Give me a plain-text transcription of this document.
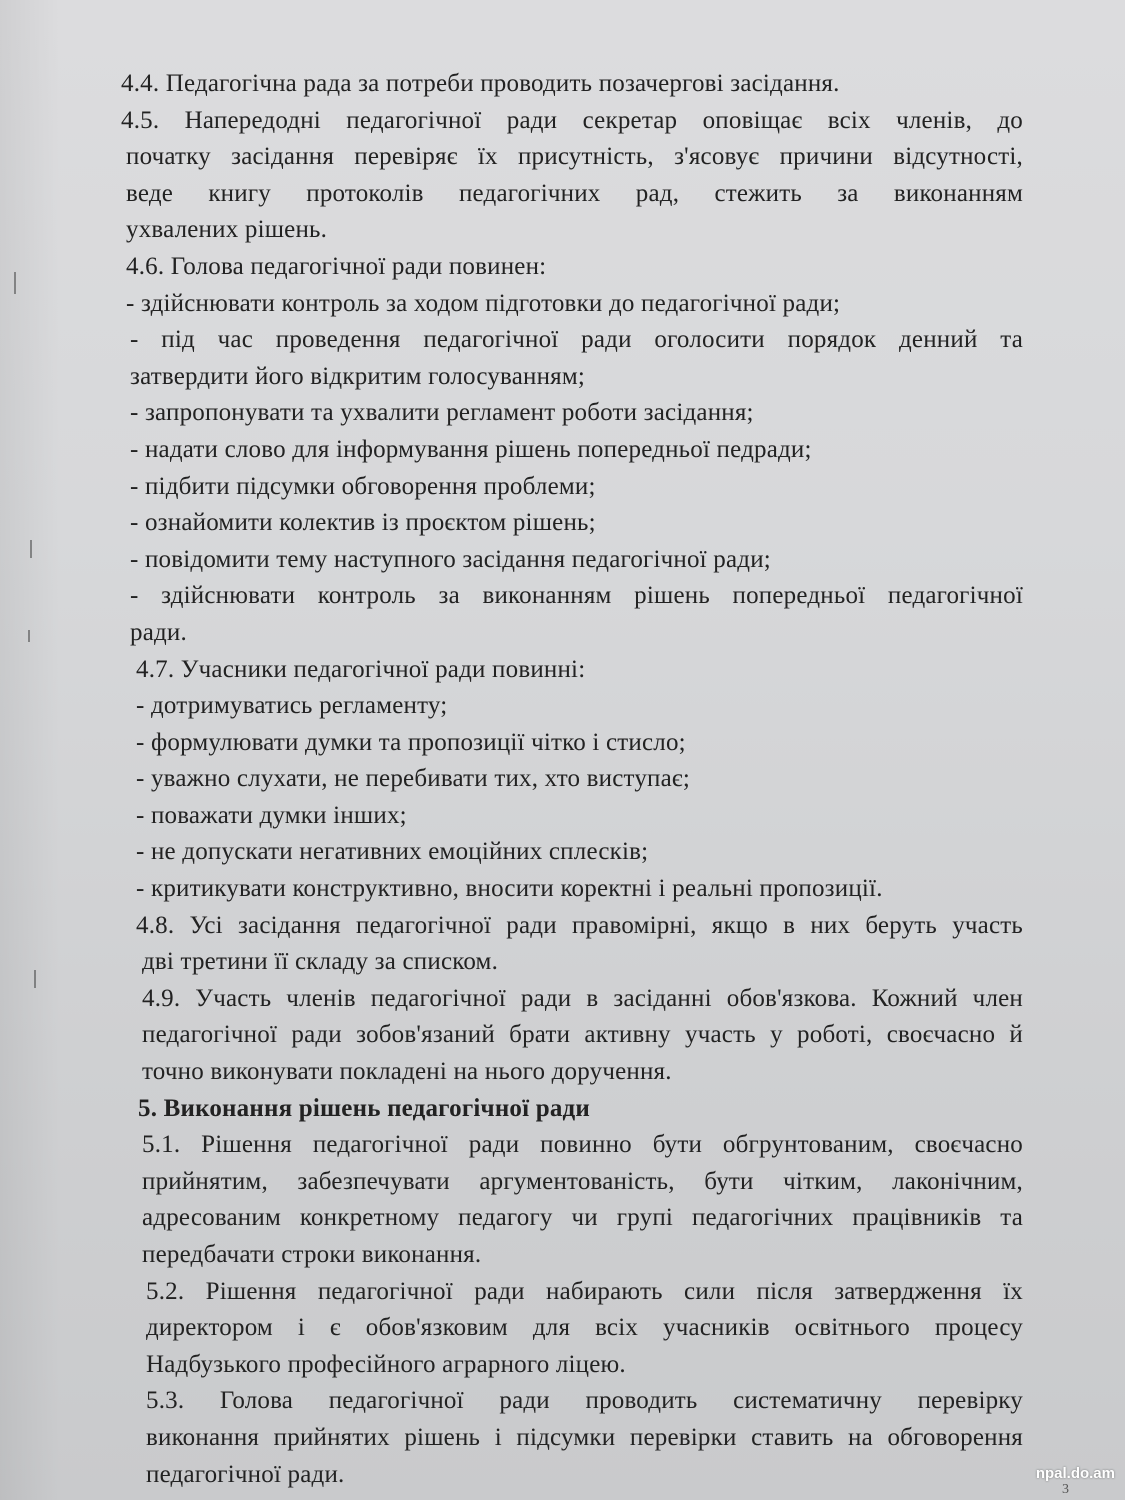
4.4. Педагогічна рада за потреби проводить позачергові засідання.
4.5. Напередодні педагогічної ради секретар оповіщає всіх членів, до
початку засідання перевіряє їх присутність, з'ясовує причини відсутності,
веде книгу протоколів педагогічних рад, стежить за виконанням
ухвалених рішень.
4.6. Голова педагогічної ради повинен:
- здійснювати контроль за ходом підготовки до педагогічної ради;
- під час проведення педагогічної ради оголосити порядок денний та
затвердити його відкритим голосуванням;
- запропонувати та ухвалити регламент роботи засідання;
- надати слово для інформування рішень попередньої педради;
- підбити підсумки обговорення проблеми;
- ознайомити колектив із проєктом рішень;
- повідомити тему наступного засідання педагогічної ради;
- здійснювати контроль за виконанням рішень попередньої педагогічної
ради.
4.7. Учасники педагогічної ради повинні:
- дотримуватись регламенту;
- формулювати думки та пропозиції чітко і стисло;
- уважно слухати, не перебивати тих, хто виступає;
- поважати думки інших;
- не допускати негативних емоційних сплесків;
- критикувати конструктивно, вносити коректні і реальні пропозиції.
4.8. Усі засідання педагогічної ради правомірні, якщо в них беруть участь
дві третини її складу за списком.
4.9. Участь членів педагогічної ради в засіданні обов'язкова. Кожний член
педагогічної ради зобов'язаний брати активну участь у роботі, своєчасно й
точно виконувати покладені на нього доручення.
5. Виконання рішень педагогічної ради
5.1. Рішення педагогічної ради повинно бути обгрунтованим, своєчасно
прийнятим, забезпечувати аргументованість, бути чітким, лаконічним,
адресованим конкретному педагогу чи групі педагогічних працівників та
передбачати строки виконання.
5.2. Рішення педагогічної ради набирають сили після затвердження їх
директором і є обов'язковим для всіх учасників освітнього процесу
Надбузького професійного аграрного ліцею.
5.3. Голова педагогічної ради проводить систематичну перевірку
виконання прийнятих рішень і підсумки перевірки ставить на обговорення
педагогічної ради.	npal.do.am
3
